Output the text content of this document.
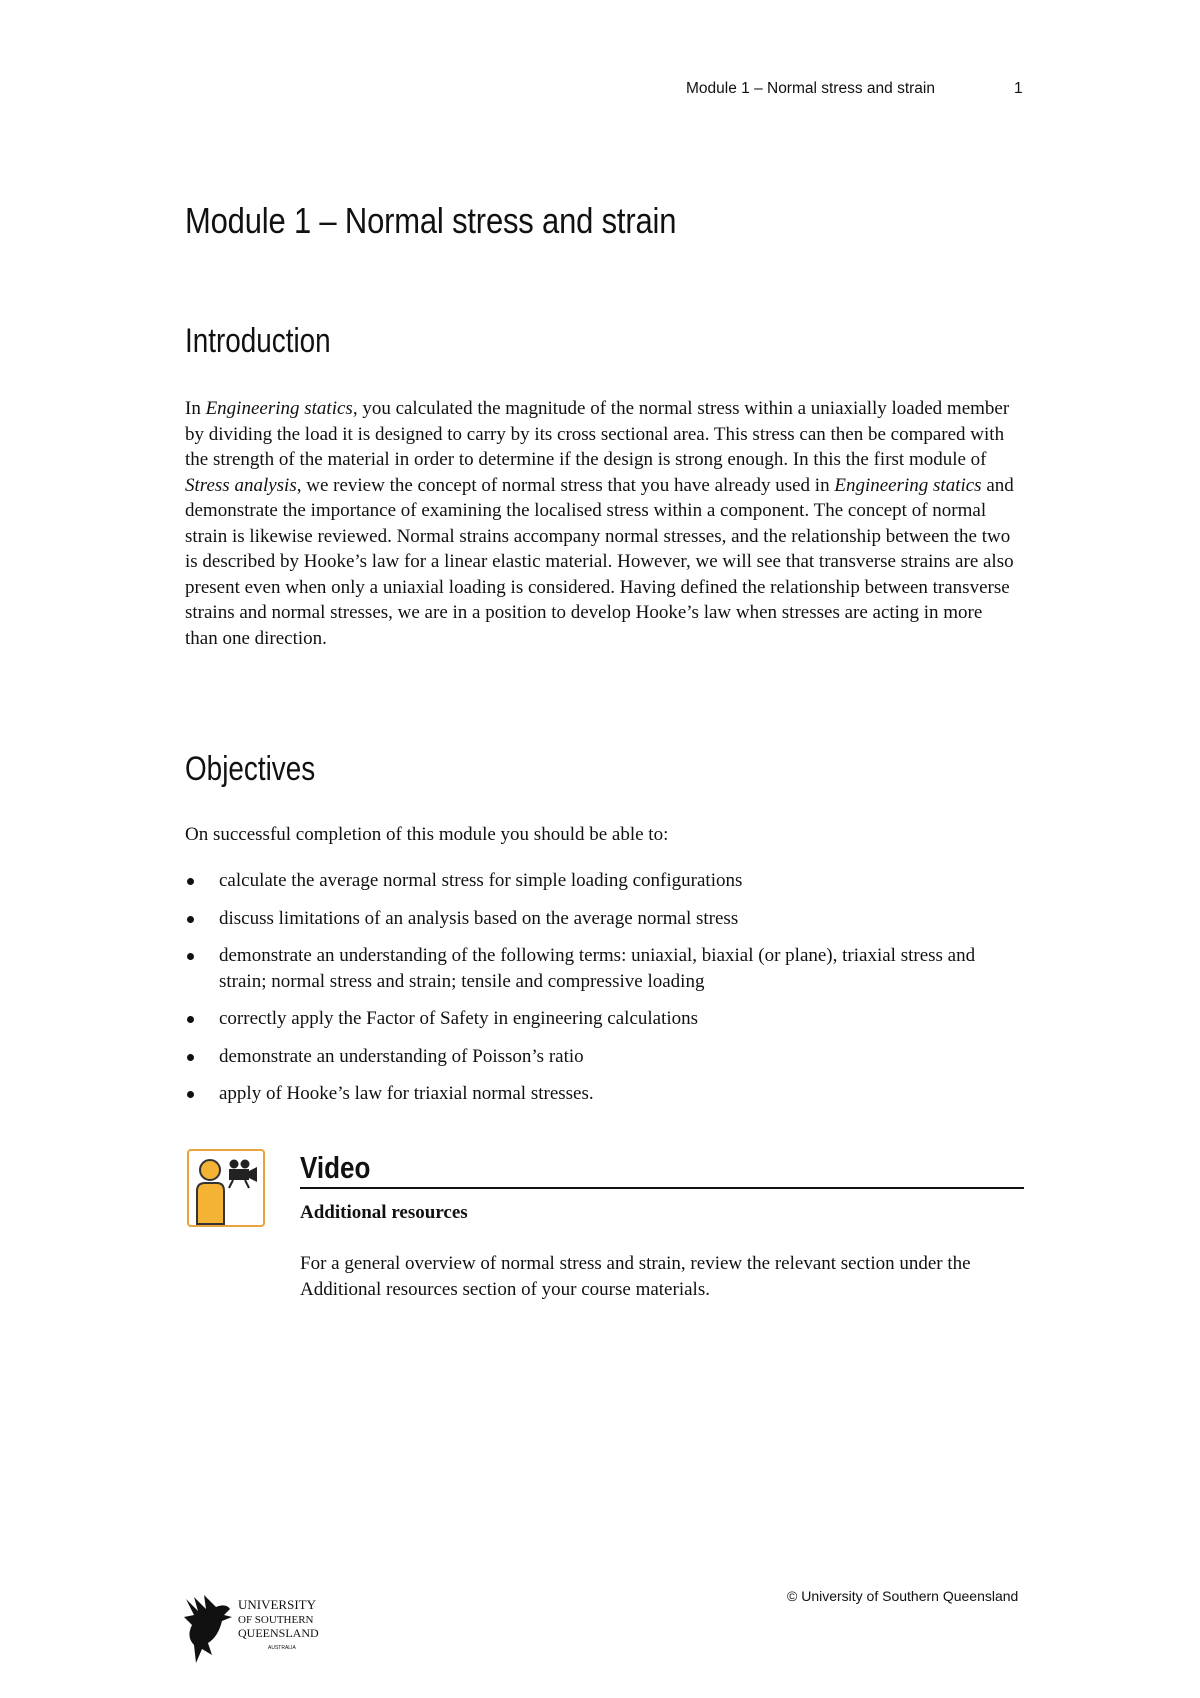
Module 1 – Normal stress and strain	1
Module 1 – Normal stress and strain
Introduction

In Engineering statics, you calculated the magnitude of the normal stress within a uniaxially loaded member by dividing the load it is designed to carry by its cross sectional area. This stress can then be compared with the strength of the material in order to determine if the design is strong enough. In this the first module of Stress analysis, we review the concept of normal stress that you have already used in Engineering statics and demonstrate the importance of examining the localised stress within a component. The concept of normal strain is likewise reviewed. Normal strains accompany normal stresses, and the relationship between the two is described by Hooke’s law for a linear elastic material. However, we will see that transverse strains are also present even when only a uniaxial loading is considered. Having defined the relationship between transverse strains and normal stresses, we are in a position to develop Hooke’s law when stresses are acting in more than one direction.

Objectives

On successful completion of this module you should be able to:

calculate the average normal stress for simple loading configurations
discuss limitations of an analysis based on the average normal stress
demonstrate an understanding of the following terms: uniaxial, biaxial (or plane), triaxial stress and strain; normal stress and strain; tensile and compressive loading
correctly apply the Factor of Safety in engineering calculations
demonstrate an understanding of Poisson’s ratio
apply of Hooke’s law for triaxial normal stresses.
Video

Additional resources

For a general overview of normal stress and strain, review the relevant section under the Additional resources section of your course materials.

© University of Southern Queensland
UNIVERSITY
OF SOUTHERN
QUEENSLAND
AUSTRALIA
